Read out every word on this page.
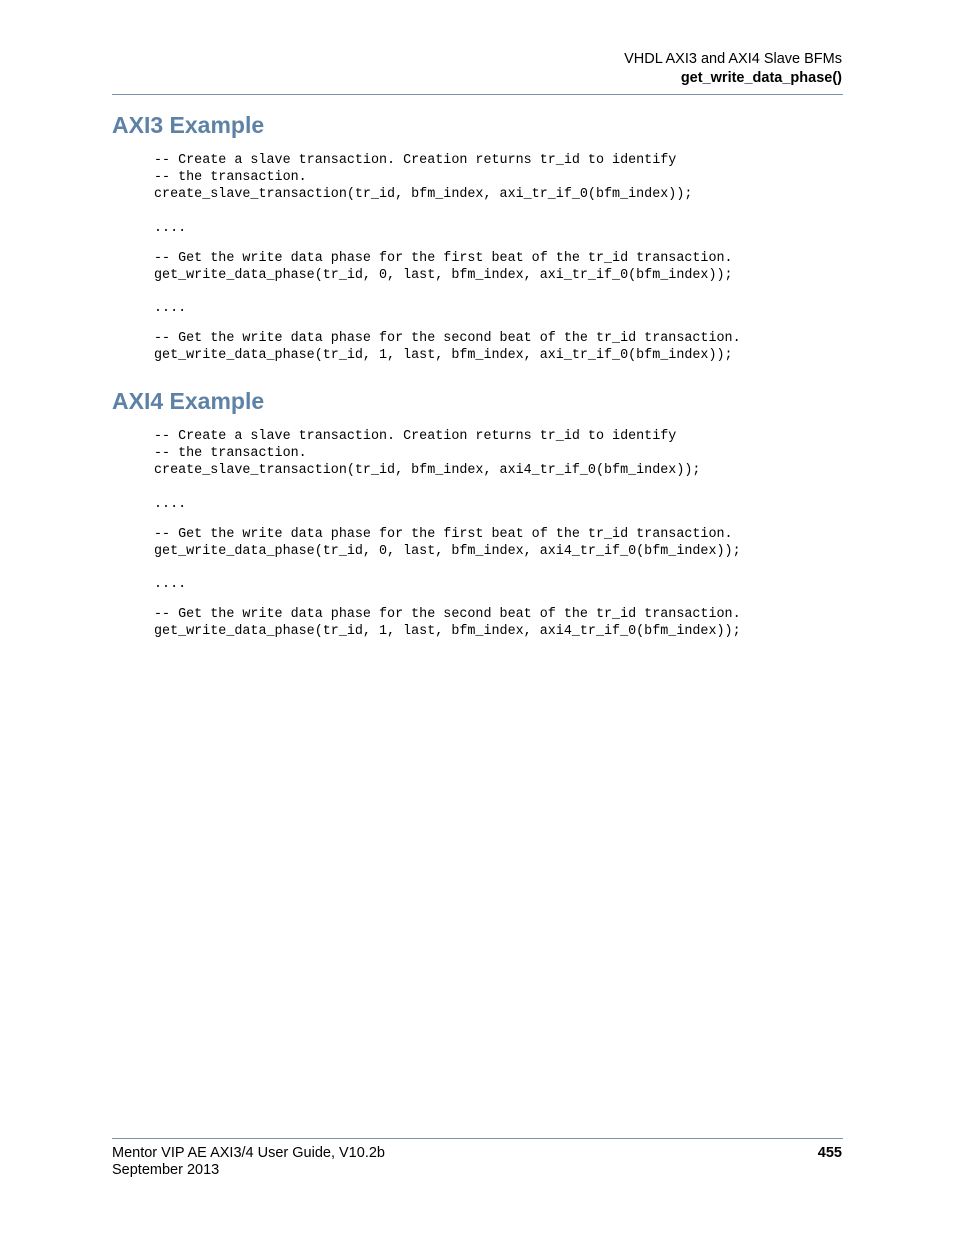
VHDL AXI3 and AXI4 Slave BFMs
get_write_data_phase()
AXI3 Example
-- Create a slave transaction. Creation returns tr_id to identify
-- the transaction.
create_slave_transaction(tr_id, bfm_index, axi_tr_if_0(bfm_index));
....
-- Get the write data phase for the first beat of the tr_id transaction.
get_write_data_phase(tr_id, 0, last, bfm_index, axi_tr_if_0(bfm_index));
....
-- Get the write data phase for the second beat of the tr_id transaction.
get_write_data_phase(tr_id, 1, last, bfm_index, axi_tr_if_0(bfm_index));
AXI4 Example
-- Create a slave transaction. Creation returns tr_id to identify
-- the transaction.
create_slave_transaction(tr_id, bfm_index, axi4_tr_if_0(bfm_index));
....
-- Get the write data phase for the first beat of the tr_id transaction.
get_write_data_phase(tr_id, 0, last, bfm_index, axi4_tr_if_0(bfm_index));
....
-- Get the write data phase for the second beat of the tr_id transaction.
get_write_data_phase(tr_id, 1, last, bfm_index, axi4_tr_if_0(bfm_index));
Mentor VIP AE AXI3/4 User Guide, V10.2b
September 2013
455
